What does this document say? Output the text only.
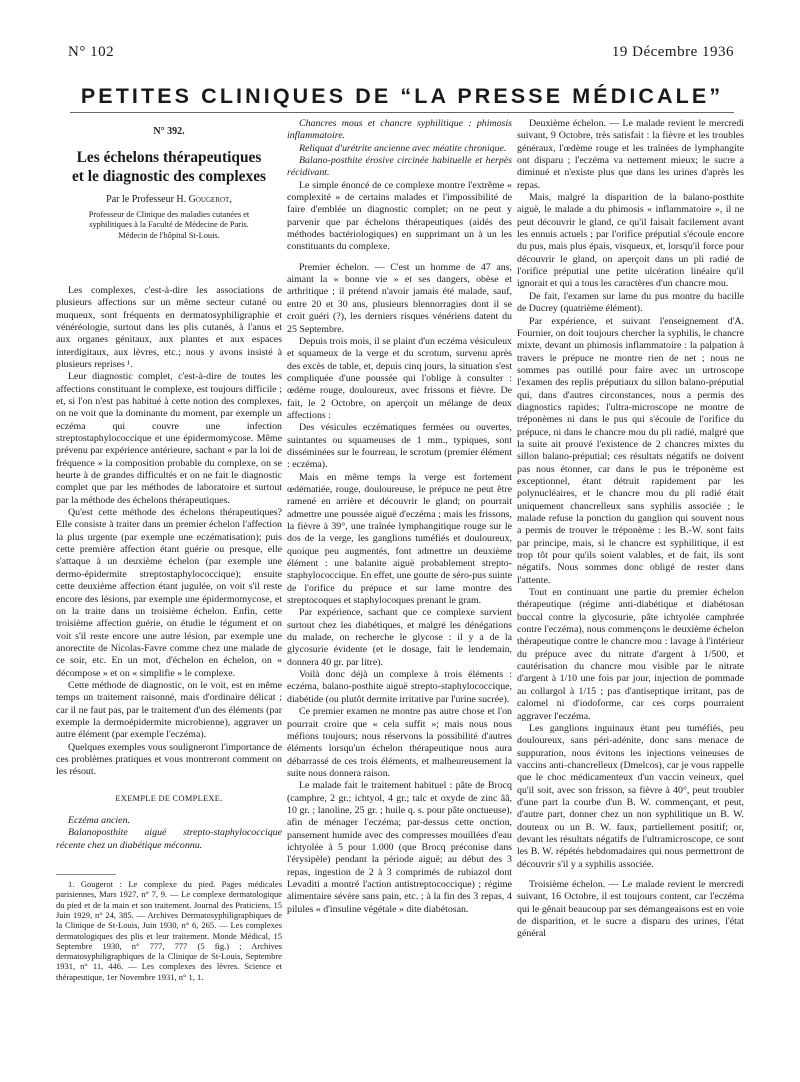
N° 102	19 Décembre 1936
PETITES CLINIQUES DE “LA PRESSE MÉDICALE”
N° 392.
Les échelons thérapeutiques
et le diagnostic des complexes
Par le Professeur H. Gougerot,
Professeur de Clinique des maladies cutanées et
syphilitiques à la Faculté de Médecine de Paris.
Médecin de l'hôpital St-Louis.

Les complexes, c'est-à-dire les associations de plusieurs affections sur un même secteur cutané ou muqueux, sont fréquents en dermatosyphiligraphie et vénéréologie, surtout dans les plis cutanés, à l'anus et aux organes génitaux, aux plantes et aux espaces interdigitaux, aux lèvres, etc.; nous y avons insisté à plusieurs reprises ¹.

Leur diagnostic complet, c'est-à-dire de toutes les affections constituant le complexe, est toujours difficile ; et, si l'on n'est pas habitué à cette notion des complexes, on ne voit que la dominante du moment, par exemple un eczéma qui couvre une infection streptostaphylococcique et une épidermomycose. Même prévenu par expérience antérieure, sachant « par la loi de fréquence » la composition probable du complexe, on se heurte à de grandes difficultés et on ne fait le diagnostic complet que par les méthodes de laboratoire et surtout par la méthode des échelons thérapeutiques.

Qu'est cette méthode des échelons thérapeutiques? Elle consiste à traiter dans un premier échelon l'affection la plus urgente (par exemple une eczématisation); puis cette première affection étant guérie ou presque, elle s'attaque à un deuxième échelon (par exemple une dermo-épidermite streptostaphylococcique); ensuite cette deuxième affection étant jugulée, on voit s'il reste encore des lésions, par exemple une épidermomycose, et on la traite dans un troisième échelon. Enfin, cette troisième affection guérie, on étudie le tégument et on voit s'il reste encore une autre lésion, par exemple une anorectite de Nicolas-Favre comme chez une malade de ce soir, etc. En un mot, d'échelon en échelon, on « décompose » et on « simplifie » le complexe.

Cette méthode de diagnostic, on le voit, est en même temps un traitement raisonné, mais d'ordinaire délicat ; car il ne faut pas, par le traitement d'un des éléments (par exemple la dermoépidermite microbienne), aggraver un autre élément (par exemple l'eczéma).

Quelques exemples vous souligneront l'importance de ces problèmes pratiques et vous montreront comment on les résout.

EXEMPLE DE COMPLEXE.

Eczéma ancien.

Balanoposthite aiguë strepto-staphylococcique récente chez un diabétique méconnu.

1. Gougerot : Le complexe du pied. Pages médicales parisiennes, Mars 1927, n° 7, 9. — Le complexe dermatologique du pied et de la main et son traitement. Journal des Praticiens, 15 Juin 1929, n° 24, 385. — Archives Dermatosyphiligraphiques de la Clinique de St-Louis, Juin 1930, n° 6, 265. — Les complexes dermatologiques des plis et leur traitement. Monde Médical, 15 Septembre 1930, n° 777, 777 (5 fig.) ; Archives dermatosyphiligraphiques de la Clinique de St-Louis, Septembre 1931, n° 11, 446. — Les complexes des lèvres. Science et thérapeutique, 1er Novembre 1931, n° 1, 1.

Chancres mous et chancre syphilitique : phimosis inflammatoire.

Reliquat d'urétrite ancienne avec méatite chronique.

Balano-posthite érosive circinée habituelle et herpès récidivant.

Le simple énoncé de ce complexe montre l'extrême « complexité » de certains malades et l'impossibilité de faire d'emblée un diagnostic complet; on ne peut y parvenir que par échelons thérapeutiques (aidés des méthodes bactériologiques) en supprimant un à un les constituants du complexe.

Premier échelon. — C'est un homme de 47 ans, aimant la « bonne vie » et ses dangers, obèse et arthritique ; il prétend n'avoir jamais été malade, sauf, entre 20 et 30 ans, plusieurs blennorragies dont il se croit guéri (?), les derniers risques vénériens datent du 25 Septembre.

Depuis trois mois, il se plaint d'un eczéma vésiculeux et squameux de la verge et du scrotum, survenu après des excès de table, et, depuis cinq jours, la situation s'est compliquée d'une poussée qui l'oblige à consulter : œdème rouge, douloureux, avec frissons et fièvre. De fait, le 2 Octobre, on aperçoit un mélange de deux affections :

Des vésicules eczématiques fermées ou ouvertes, suintantes ou squameuses de 1 mm., typiques, sont disséminées sur le fourreau, le scrotum (premier élément : eczéma).

Mais en même temps la verge est fortement œdématiée, rouge, douloureuse, le prépuce ne peut être ramené en arrière et découvrir le gland; on pourrait admettre une poussée aiguë d'eczéma ; mais les frissons, la fièvre à 39°, une traînée lymphangitique rouge sur le dos de la verge, les ganglions tuméfiés et douloureux, quoique peu augmentés, font admettre un deuxième élément : une balanite aiguë probablement strepto-staphylococcique. En effet, une goutte de séro-pus suinte de l'orifice du prépuce et sur lame montre des streptocoques et staphylocoques prenant le gram.

Par expérience, sachant que ce complexe survient surtout chez les diabétiques, et malgré les dénégations du malade, on recherche le glycose : il y a de la glycosurie évidente (et le dosage, fait le lendemain, donnera 40 gr. par litre).

Voilà donc déjà un complexe à trois éléments : eczéma, balano-posthite aiguë strepto-staphylococcique, diabétide (ou plutôt dermite irritative par l'urine sucrée).

Ce premier examen ne montre pas autre chose et l'on pourrait croire que « cela suffit »; mais nous nous méfions toujours; nous réservons la possibilité d'autres éléments lorsqu'un échelon thérapeutique nous aura débarrassé de ces trois éléments, et malheureusement la suite nous donnera raison.

Le malade fait le traitement habituel : pâte de Brocq (camphre, 2 gr.; ichtyol, 4 gr.; talc et oxyde de zinc ââ, 10 gr. ; lanoline, 25 gr. ; huile q. s. pour pâte onctueuse), afin de ménager l'eczéma; par-dessus cette onction, pansement humide avec des compresses mouillées d'eau ichtyolée à 5 pour 1.000 (que Brocq préconise dans l'érysipèle) pendant la période aiguë; au début des 3 repas, ingestion de 2 à 3 comprimés de rubiazol dont Levaditi a montré l'action antistreptococcique) ; régime alimentaire sévère sans pain, etc. ; à la fin des 3 repas, 4 pilules « d'insuline végétale » dite diabétosan.

Deuxième échelon. — Le malade revient le mercredi suivant, 9 Octobre, très satisfait : la fièvre et les troubles généraux, l'œdème rouge et les traînées de lymphangite ont disparu ; l'eczéma va nettement mieux; le sucre a diminué et n'existe plus que dans les urines d'après les repas.

Mais, malgré la disparition de la balano-posthite aiguë, le malade a du phimosis « inflammatoire », il ne peut découvrir le gland, ce qu'il faisait facilement avant les ennuis actuels ; par l'orifice préputial s'écoule encore du pus, mais plus épais, visqueux, et, lorsqu'il force pour découvrir le gland, on aperçoit dans un pli radié de l'orifice préputial une petite ulcération linéaire qu'il ignorait et qui a tous les caractères d'un chancre mou.

De fait, l'examen sur lame du pus montre du bacille de Ducrey (quatrième élément).

Par expérience, et suivant l'enseignement d'A. Fournier, on doit toujours chercher la syphilis, le chancre mixte, devant un phimosis inflammatoire : la palpation à travers le prépuce ne montre rien de net ; nous ne sommes pas outillé pour faire avec un urtroscope l'examen des replis préputiaux du sillon balano-préputial qui, dans d'autres circonstances, nous a permis des diagnostics rapides; l'ultra-microscope ne montre de tréponèmes ni dans le pus qui s'écoule de l'orifice du prépuce, ni dans le chancre mou du pli radié, malgré que la suite ait prouvé l'existence de 2 chancres mixtes du sillon balano-préputial; ces résultats négatifs ne doivent pas nous étonner, car dans le pus le tréponème est exceptionnel, étant détruit rapidement par les polynucléaires, et le chancre mou du pli radié était uniquement chancrelleux sans syphilis associée ; le malade refuse la ponction du ganglion qui souvent nous a permis de trouver le tréponème : les B.-W. sont faits par principe, mais, si le chancre est syphilitique, il est trop tôt pour qu'ils soient valables, et de fait, ils sont négatifs. Nous sommes donc obligé de rester dans l'attente.

Tout en continuant une partie du premier échelon thérapeutique (régime anti-diabétique et diabétosan buccal contre la glycosurie, pâte ichtyolée camphrée contre l'eczéma), nous commençons le deuxième échelon thérapeutique contre le chancre mou : lavage à l'intérieur du prépuce avec du nitrate d'argent à 1/500, et cautérisation du chancre mou visible par le nitrate d'argent à 1/10 une fois par jour, injection de pommade au collargol à 1/15 ; pas d'antiseptique irritant, pas de calomel ni d'iodoforme, car ces corps pourraient aggraver l'eczéma.

Les ganglions inguinaux étant peu tuméfiés, peu douloureux, sans péri-adénite, donc sans menace de suppuration, nous évitons les injections veineuses de vaccins anti-chancrelleux (Dmelcos), car je vous rappelle que le choc médicamenteux d'un vaccin veineux, quel qu'il soit, avec son frisson, sa fièvre à 40°, peut troubler d'une part la courbe d'un B. W. commençant, et peut, d'autre part, donner chez un non syphilitique un B. W. douteux ou un B. W. faux, partiellement positif; or, devant les résultats négatifs de l'ultramicroscope, ce sont les B. W. répétés hebdomadaires qui nous permettront de découvrir s'il y a syphilis associée.

Troisième échelon. — Le malade revient le mercredi suivant, 16 Octobre, il est toujours content, car l'eczéma qui le gênait beaucoup par ses démangeaisons est en voie de disparition, et le sucre a disparu des urines, l'état général
